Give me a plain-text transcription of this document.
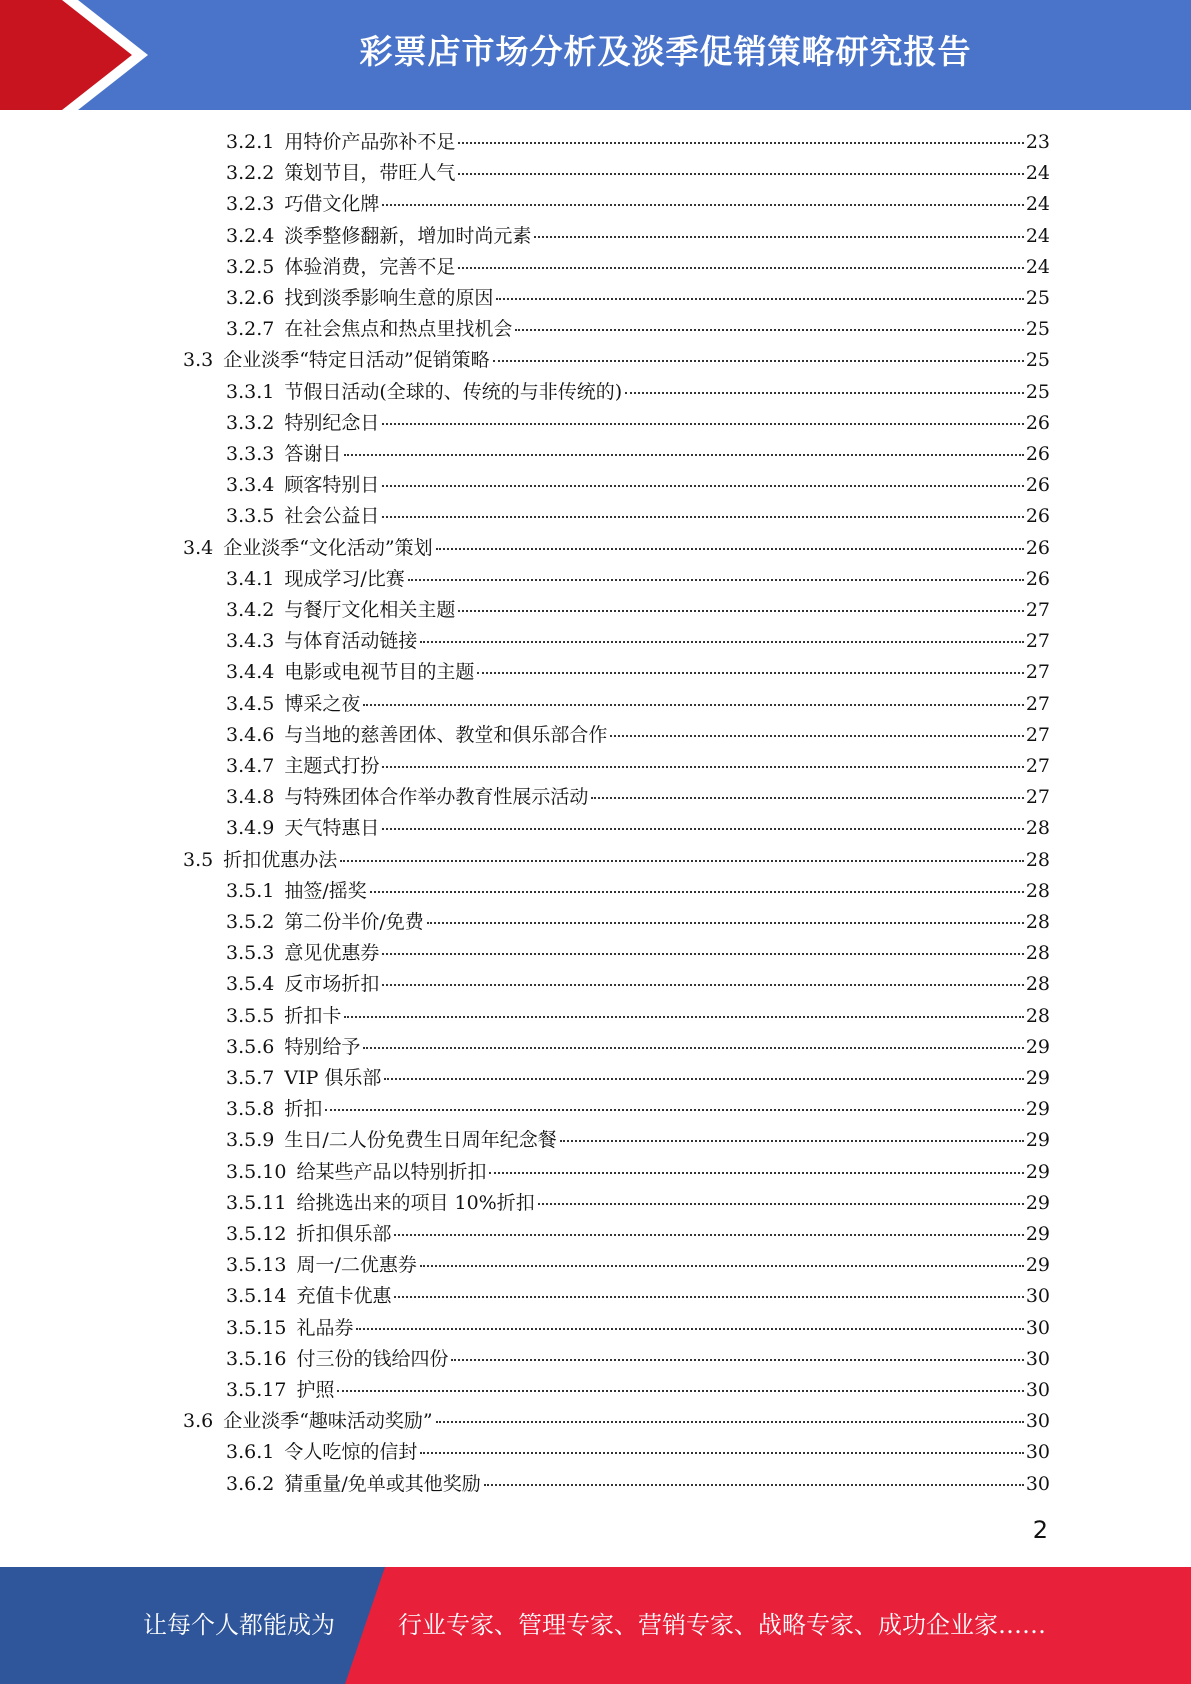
彩票店市场分析及淡季促销策略研究报告
3.2.1 用特价产品弥补不足	23
3.2.2 策划节目，带旺人气	24
3.2.3 巧借文化牌	24
3.2.4 淡季整修翻新，增加时尚元素	24
3.2.5 体验消费，完善不足	24
3.2.6 找到淡季影响生意的原因	25
3.2.7 在社会焦点和热点里找机会	25
3.3 企业淡季“特定日活动”促销策略	25
3.3.1 节假日活动(全球的、传统的与非传统的)	25
3.3.2 特别纪念日	26
3.3.3 答谢日	26
3.3.4 顾客特别日	26
3.3.5 社会公益日	26
3.4 企业淡季“文化活动”策划	26
3.4.1 现成学习/比赛	26
3.4.2 与餐厅文化相关主题	27
3.4.3 与体育活动链接	27
3.4.4 电影或电视节目的主题	27
3.4.5 博采之夜	27
3.4.6 与当地的慈善团体、教堂和俱乐部合作	27
3.4.7 主题式打扮	27
3.4.8 与特殊团体合作举办教育性展示活动	27
3.4.9 天气特惠日	28
3.5 折扣优惠办法	28
3.5.1 抽签/摇奖	28
3.5.2 第二份半价/免费	28
3.5.3 意见优惠券	28
3.5.4 反市场折扣	28
3.5.5 折扣卡	28
3.5.6 特别给予	29
3.5.7 VIP 俱乐部	29
3.5.8 折扣	29
3.5.9 生日/二人份免费生日周年纪念餐	29
3.5.10 给某些产品以特别折扣	29
3.5.11 给挑选出来的项目 10%折扣	29
3.5.12 折扣俱乐部	29
3.5.13 周一/二优惠券	29
3.5.14 充值卡优惠	30
3.5.15 礼品券	30
3.5.16 付三份的钱给四份	30
3.5.17 护照	30
3.6 企业淡季“趣味活动奖励”	30
3.6.1 令人吃惊的信封	30
3.6.2 猜重量/免单或其他奖励	30
2
让每个人都能成为	行业专家、管理专家、营销专家、战略专家、成功企业家……
